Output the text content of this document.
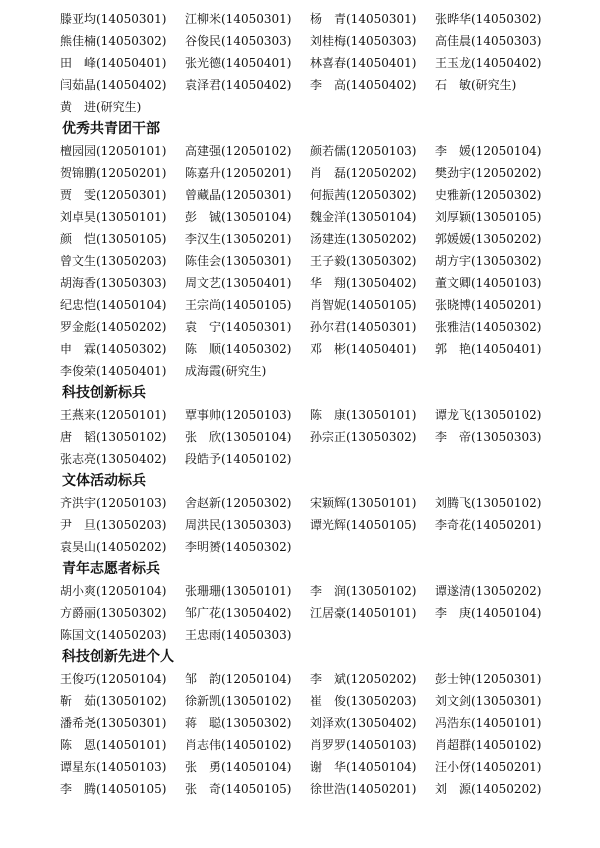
滕亚均(14050301)	江柳米(14050301)	杨　青(14050301)	张晔华(14050302)
熊佳楠(14050302)	谷俊民(14050303)	刘桂梅(14050303)	高佳晨(14050303)
田　峰(14050401)	张光德(14050401)	林喜春(14050401)	王玉龙(14050402)
闫茹晶(14050402)	袁泽君(14050402)	李　高(14050402)	石　敏(研究生)
黄　进(研究生)
优秀共青团干部
檀园园(12050101)	高建强(12050102)	颜若儒(12050103)	李　媛(12050104)
贺锦鹏(12050201)	陈嘉升(12050201)	肖　磊(12050202)	樊劲宇(12050202)
贾　雯(12050301)	曾藏晶(12050301)	何振茜(12050302)	史雅新(12050302)
刘卓昊(13050101)	彭　铖(13050104)	魏金洋(13050104)	刘厚颖(13050105)
颜　恺(13050105)	李汉生(13050201)	汤建连(13050202)	郭媛媛(13050202)
曾文生(13050203)	陈佳会(13050301)	王子毅(13050302)	胡方宇(13050302)
胡海香(13050303)	周文艺(13050401)	华　翔(13050402)	董文卿(14050103)
纪忠恺(14050104)	王宗尚(14050105)	肖智妮(14050105)	张晓博(14050201)
罗金彪(14050202)	袁　宁(14050301)	孙尔君(14050301)	张雅洁(14050302)
申　霖(14050302)	陈　顺(14050302)	邓　彬(14050401)	郭　艳(14050401)
李俊荣(14050401)	成海霞(研究生)
科技创新标兵
王燕来(12050101)	覃事帅(12050103)	陈　康(13050101)	谭龙飞(13050102)
唐　韬(13050102)	张　欣(13050104)	孙宗正(13050302)	李　帝(13050303)
张志亮(13050402)	段皓予(14050102)
文体活动标兵
齐洪宇(12050103)	舍赵新(12050302)	宋颖辉(13050101)	刘腾飞(13050102)
尹　旦(13050203)	周洪民(13050303)	谭光辉(14050105)	李奇花(14050201)
袁昊山(14050202)	李明赟(14050302)
青年志愿者标兵
胡小爽(12050104)	张珊珊(13050101)	李　润(13050102)	谭遂清(13050202)
方爵丽(13050302)	邹广花(13050402)	江居豪(14050101)	李　庚(14050104)
陈国文(14050203)	王忠雨(14050303)
科技创新先进个人
王俊巧(12050104)	邹　韵(12050104)	李　斌(12050202)	彭士钟(12050301)
靳　茹(13050102)	徐新凯(13050102)	崔　俊(13050203)	刘文剑(13050301)
潘希尧(13050301)	蒋　聪(13050302)	刘泽欢(13050402)	冯浩东(14050101)
陈　恩(14050101)	肖志伟(14050102)	肖罗罗(14050103)	肖超群(14050102)
谭星东(14050103)	张　勇(14050104)	谢　华(14050104)	汪小伢(14050201)
李　腾(14050105)	张　奇(14050105)	徐世浩(14050201)	刘　源(14050202)
